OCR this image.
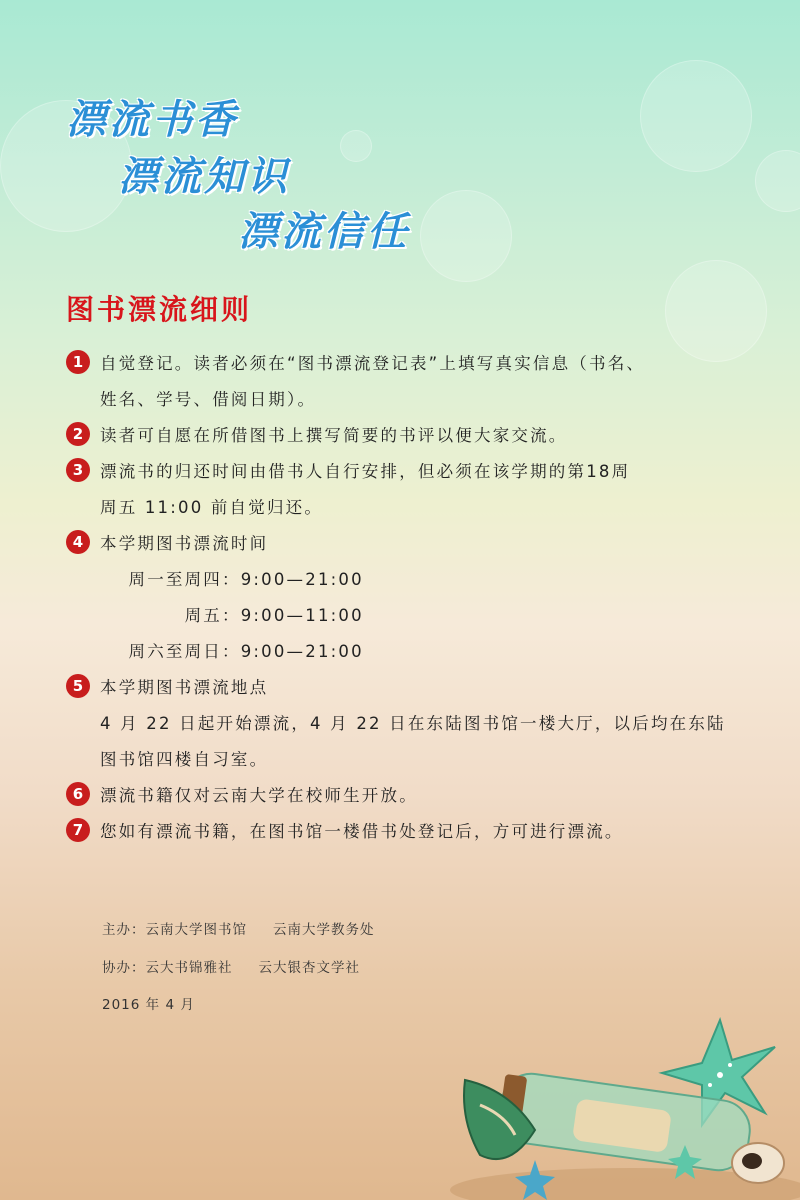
漂流书香
漂流知识
漂流信任
图书漂流细则
1	自觉登记。读者必须在“图书漂流登记表”上填写真实信息（书名、
姓名、学号、借阅日期）。
2	读者可自愿在所借图书上撰写简要的书评以便大家交流。
3	漂流书的归还时间由借书人自行安排，但必须在该学期的第18周
周五 11:00 前自觉归还。
4	本学期图书漂流时间
周一至周四 ：9:00—21:00
周五 ：9:00—11:00
周六至周日 ：9:00—21:00
5	本学期图书漂流地点
4 月 22 日起开始漂流，4 月 22 日在东陆图书馆一楼大厅，以后均在东陆
图书馆四楼自习室。
6	漂流书籍仅对云南大学在校师生开放。
7	您如有漂流书籍，在图书馆一楼借书处登记后，方可进行漂流。
主办：云南大学图书馆 云南大学教务处
协办：云大书锦雅社 云大银杏文学社
2016 年 4 月
